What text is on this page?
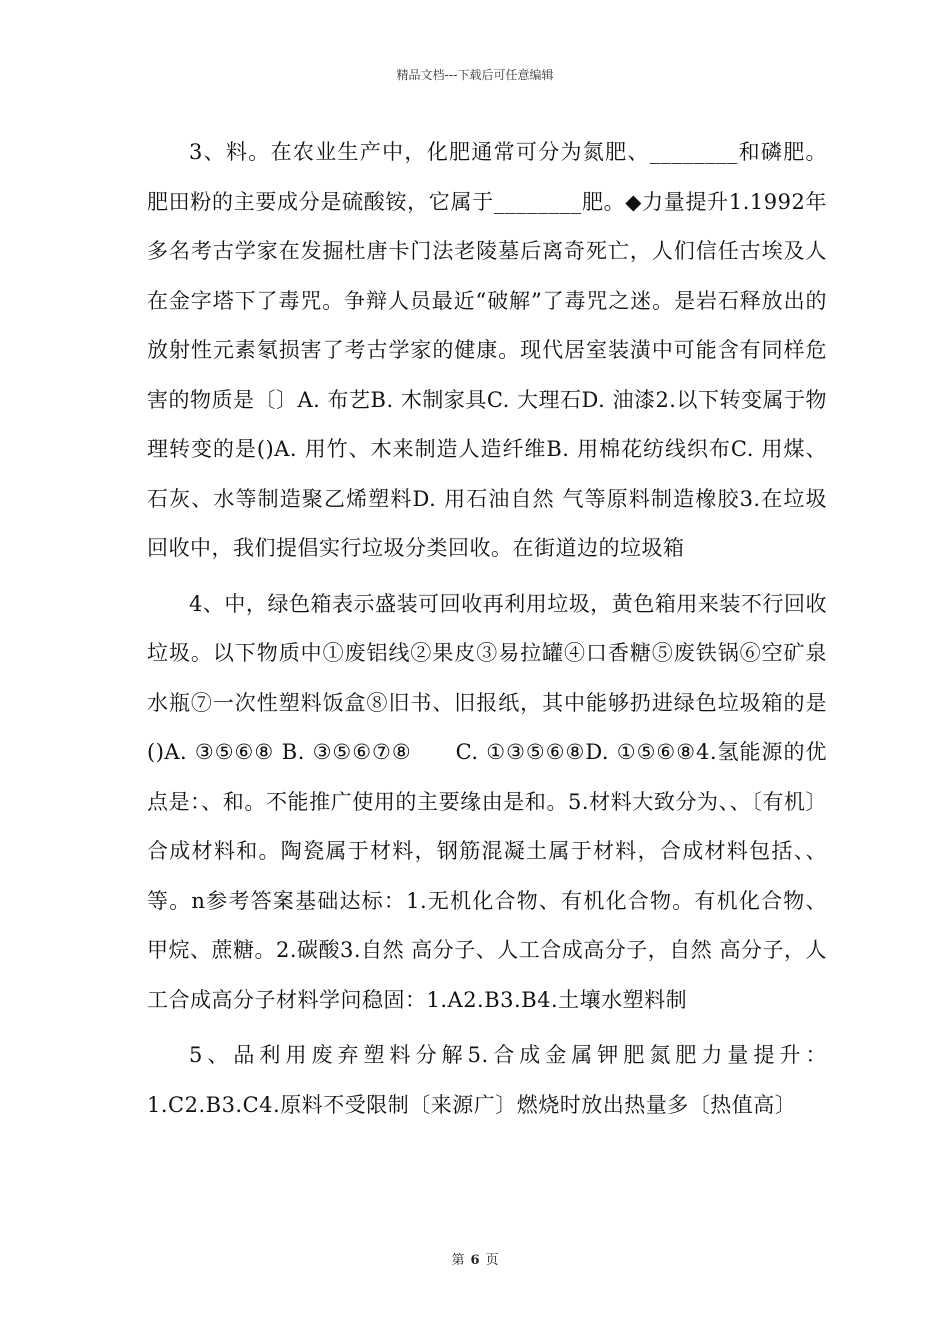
精品文档---下载后可任意编辑

3、料。在农业生产中，化肥通常可分为氮肥、________和磷肥。肥田粉的主要成分是硫酸铵，它属于________肥。◆力量提升1.1992年多名考古学家在发掘杜唐卡门法老陵墓后离奇死亡，人们信任古埃及人在金字塔下了毒咒。争辩人员最近“破解”了毒咒之迷。是岩石释放出的放射性元素氡损害了考古学家的健康。现代居室装潢中可能含有同样危害的物质是〔〕A. 布艺B. 木制家具C. 大理石D. 油漆2.以下转变属于物理转变的是()A. 用竹、木来制造人造纤维B. 用棉花纺线织布C. 用煤、石灰、水等制造聚乙烯塑料D. 用石油自然 气等原料制造橡胶3.在垃圾回收中，我们提倡实行垃圾分类回收。在街道边的垃圾箱

4、中，绿色箱表示盛装可回收再利用垃圾，黄色箱用来装不行回收垃圾。以下物质中①废铝线②果皮③易拉罐④口香糖⑤废铁锅⑥空矿泉水瓶⑦一次性塑料饭盒⑧旧书、旧报纸，其中能够扔进绿色垃圾箱的是()A. ③⑤⑥⑧ B. ③⑤⑥⑦⑧　　C. ①③⑤⑥⑧D. ①⑤⑥⑧4.氢能源的优点是：、和。不能推广使用的主要缘由是和。5.材料大致分为、、〔有机〕合成材料和。陶瓷属于材料，钢筋混凝土属于材料，合成材料包括、、等。n参考答案基础达标：1.无机化合物、有机化合物。有机化合物、甲烷、蔗糖。2.碳酸3.自然 高分子、人工合成高分子，自然 高分子，人工合成高分子材料学问稳固：1.A2.B3.B4.土壤水塑料制

5、品利用废弃塑料分解5.合成金属钾肥氮肥力量提升：1.C2.B3.C4.原料不受限制〔来源广〕燃烧时放出热量多〔热值高〕

第 6 页
